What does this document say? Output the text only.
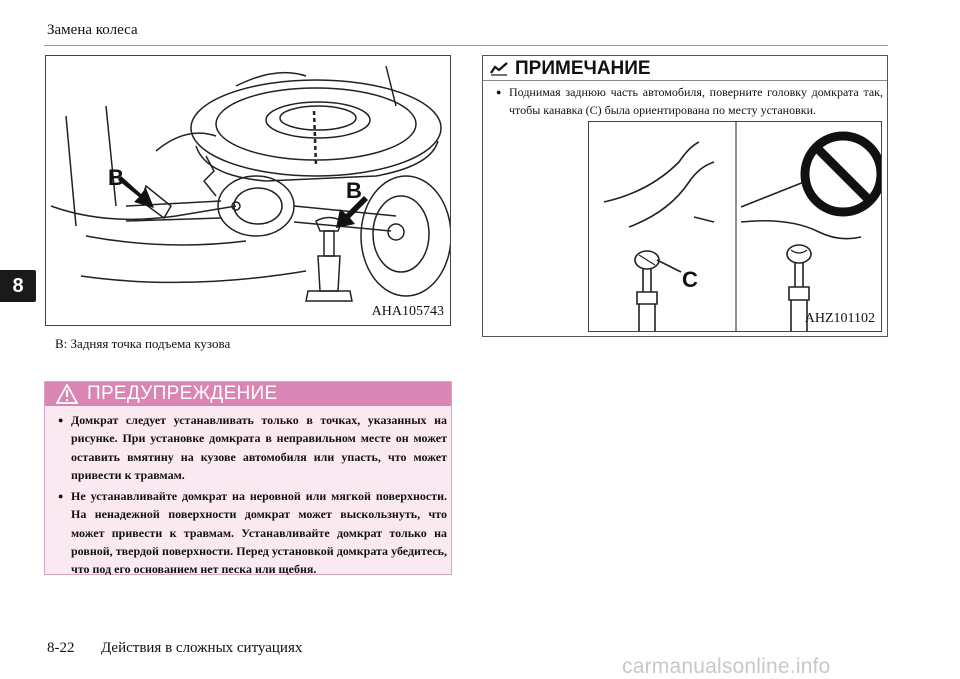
Замена колеса
8
B
B
AHA105743
B: Задняя точка подъема кузова
ПРЕДУПРЕЖДЕНИЕ
● Домкрат следует устанавливать только в точках, указанных на рисунке. При установке домкрата в неправильном месте он может оставить вмятину на кузове автомобиля или упасть, что может привести к травмам.
● Не устанавливайте домкрат на неровной или мягкой поверхности. На ненадежной поверхности домкрат может выскользнуть, что может привести к травмам. Устанавливайте домкрат только на ровной, твердой поверхности. Перед установкой домкрата убедитесь, что под его основанием нет песка или щебня.
ПРИМЕЧАНИЕ
● Поднимая заднюю часть автомобиля, поверните головку домкрата так, чтобы канавка (C) была ориентирована по месту установки.
C
AHZ101102
8-22 Действия в сложных ситуациях
carmanualsonline.info
